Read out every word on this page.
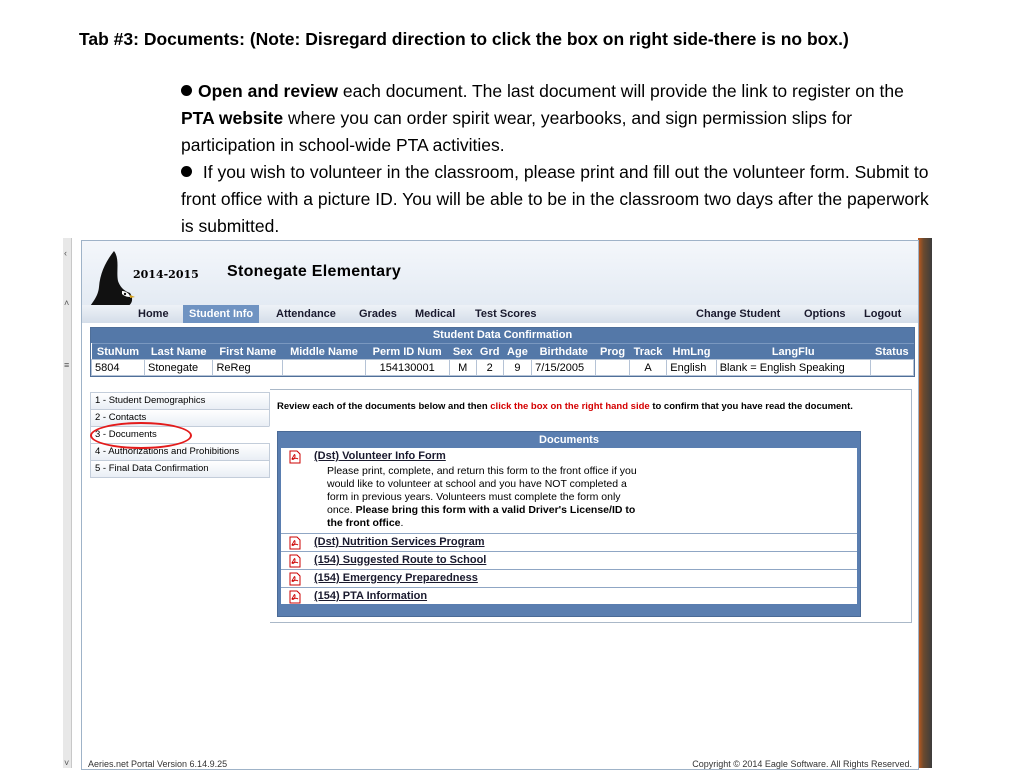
Tab #3: Documents: (Note: Disregard direction to click the box on right side-there is no box.)

Open and review each document. The last document will provide the link to register on the PTA website where you can order spirit wear, yearbooks, and sign permission slips for participation in school-wide PTA activities.

If you wish to volunteer in the classroom, please print and fill out the volunteer form. Submit to front office with a picture ID. You will be able to be in the classroom two days after the paperwork is submitted.

‹
˄
≡
˅
2014-2015 Stonegate Elementary
Home	Student Info	Attendance	Grades	Medical	Test Scores	Change Student	Options	Logout
Student Data Confirmation
StuNum	Last Name	First Name	Middle Name	Perm ID Num	Sex	Grd	Age	Birthdate	Prog	Track	HmLng	LangFlu	Status
5804	Stonegate	ReReg		154130001	M	2	9	7/15/2005		A	English	Blank = English Speaking	
1 - Student Demographics
2 - Contacts
3 - Documents
4 - Authorizations and Prohibitions
5 - Final Data Confirmation
Review each of the documents below and then click the box on the right hand side to confirm that you have read the document.
Documents
(Dst) Volunteer Info Form
Please print, complete, and return this form to the front office if you would like to volunteer at school and you have NOT completed a form in previous years. Volunteers must complete the form only once. Please bring this form with a valid Driver's License/ID to the front office.
(Dst) Nutrition Services Program
(154) Suggested Route to School
(154) Emergency Preparedness
(154) PTA Information
Aeries.net Portal Version 6.14.9.25	Copyright © 2014 Eagle Software. All Rights Reserved.
